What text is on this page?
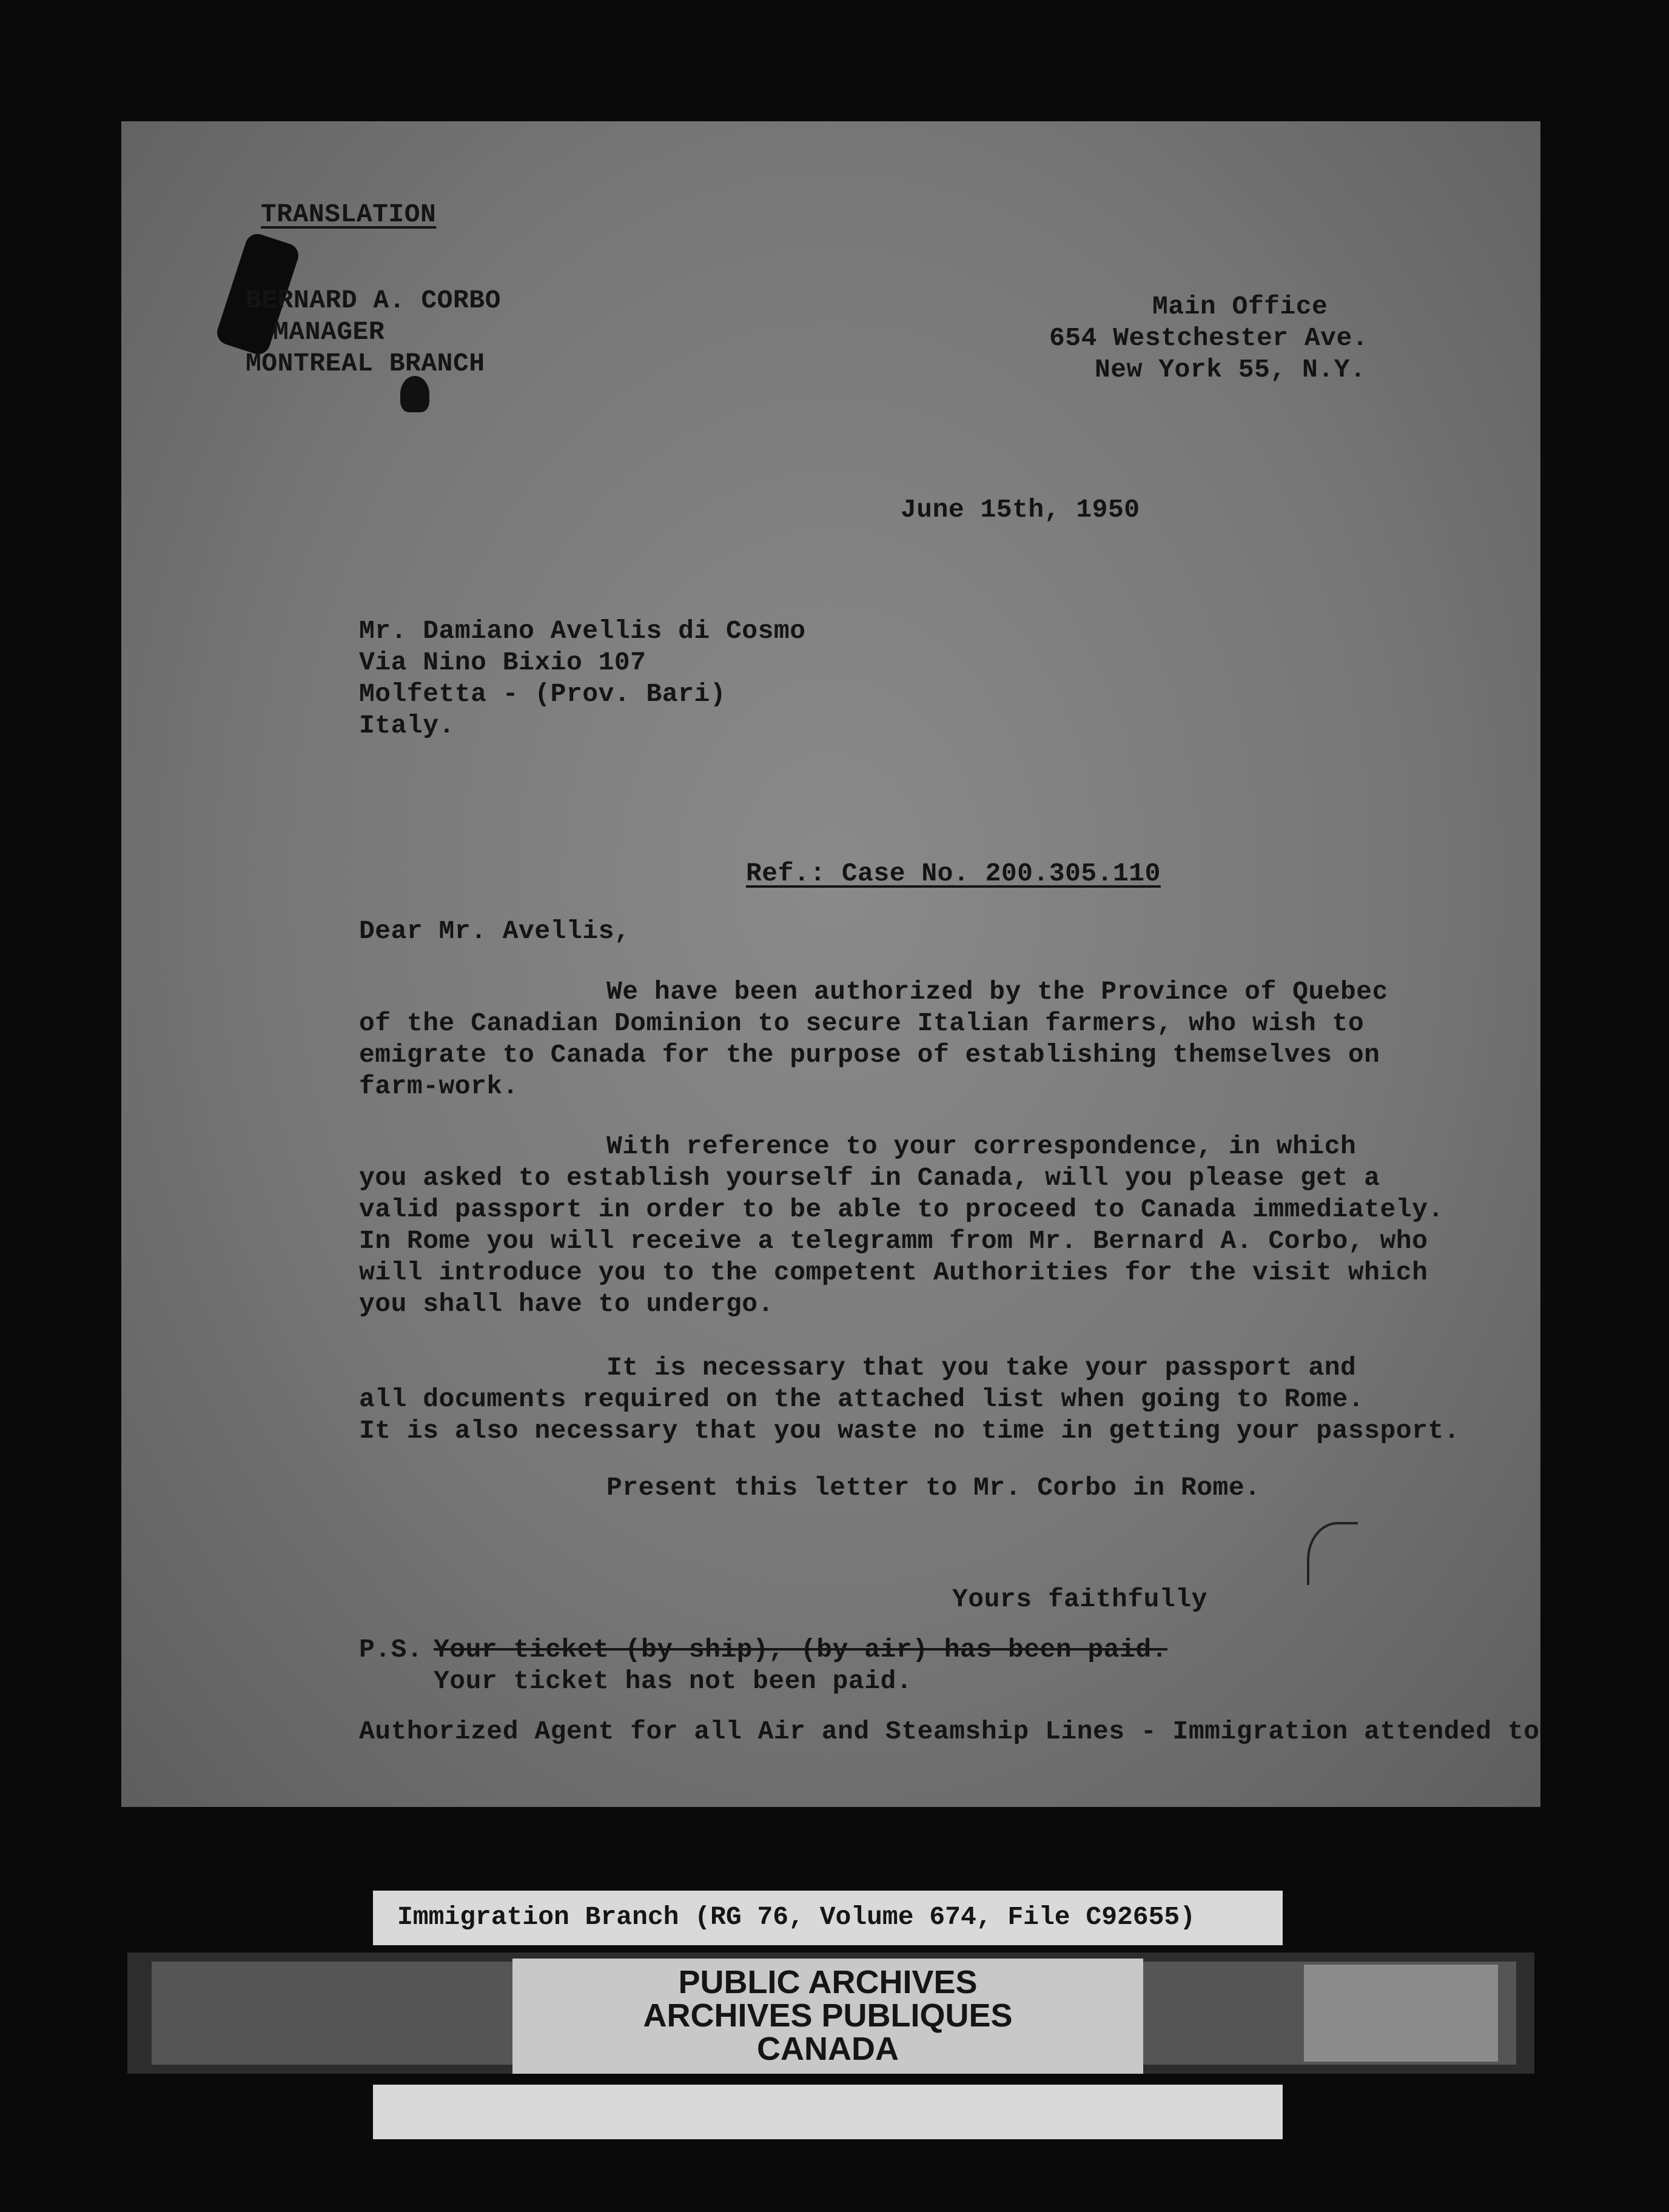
TRANSLATION
BERNARD A. CORBO
MANAGER
MONTREAL BRANCH
Main Office
654 Westchester Ave.
New York 55, N.Y.
June 15th, 1950
Mr. Damiano Avellis di Cosmo
Via Nino Bixio 107
Molfetta - (Prov. Bari)
Italy.
Ref.: Case No. 200.305.110
Dear Mr. Avellis,
We have been authorized by the Province of Quebec
of the Canadian Dominion to secure Italian farmers, who wish to
emigrate to Canada for the purpose of establishing themselves on
farm-work.
With reference to your correspondence, in which
you asked to establish yourself in Canada, will you please get a
valid passport in order to be able to proceed to Canada immediately.
In Rome you will receive a telegramm from Mr. Bernard A. Corbo, who
will introduce you to the competent Authorities for the visit which
you shall have to undergo.
It is necessary that you take your passport and
all documents required on the attached list when going to Rome.
It is also necessary that you waste no time in getting your passport.
Present this letter to Mr. Corbo in Rome.
Yours faithfully
P.S. Your ticket (by ship), (by air) has been paid.
Your ticket has not been paid.
Authorized Agent for all Air and Steamship Lines - Immigration attended to
Immigration Branch (RG 76, Volume 674, File C92655)
PUBLIC ARCHIVES
ARCHIVES PUBLIQUES
CANADA
